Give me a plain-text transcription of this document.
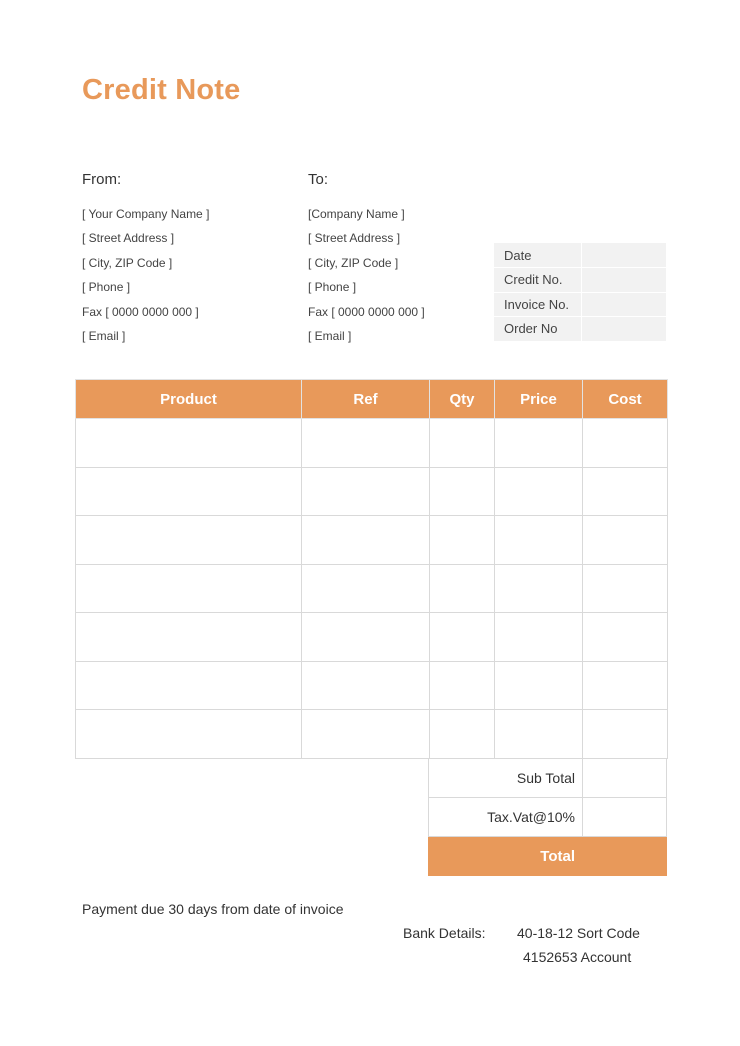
Credit Note
From:
[ Your Company Name ]
[ Street Address ]
[ City, ZIP Code ]
[ Phone ]
Fax [ 0000 0000 000 ]
[ Email ]
To:
[Company Name ]
[ Street Address ]
[ City, ZIP Code ]
[ Phone ]
Fax [ 0000 0000 000 ]
[ Email ]
Date	
Credit No.	
Invoice No.	
Order No	
Product	Ref	Qty	Price	Cost

Sub Total	
Tax.Vat@10%	
Total	
Payment due 30 days from date of invoice
Bank Details: 40-18-12 Sort Code
4152653 Account
